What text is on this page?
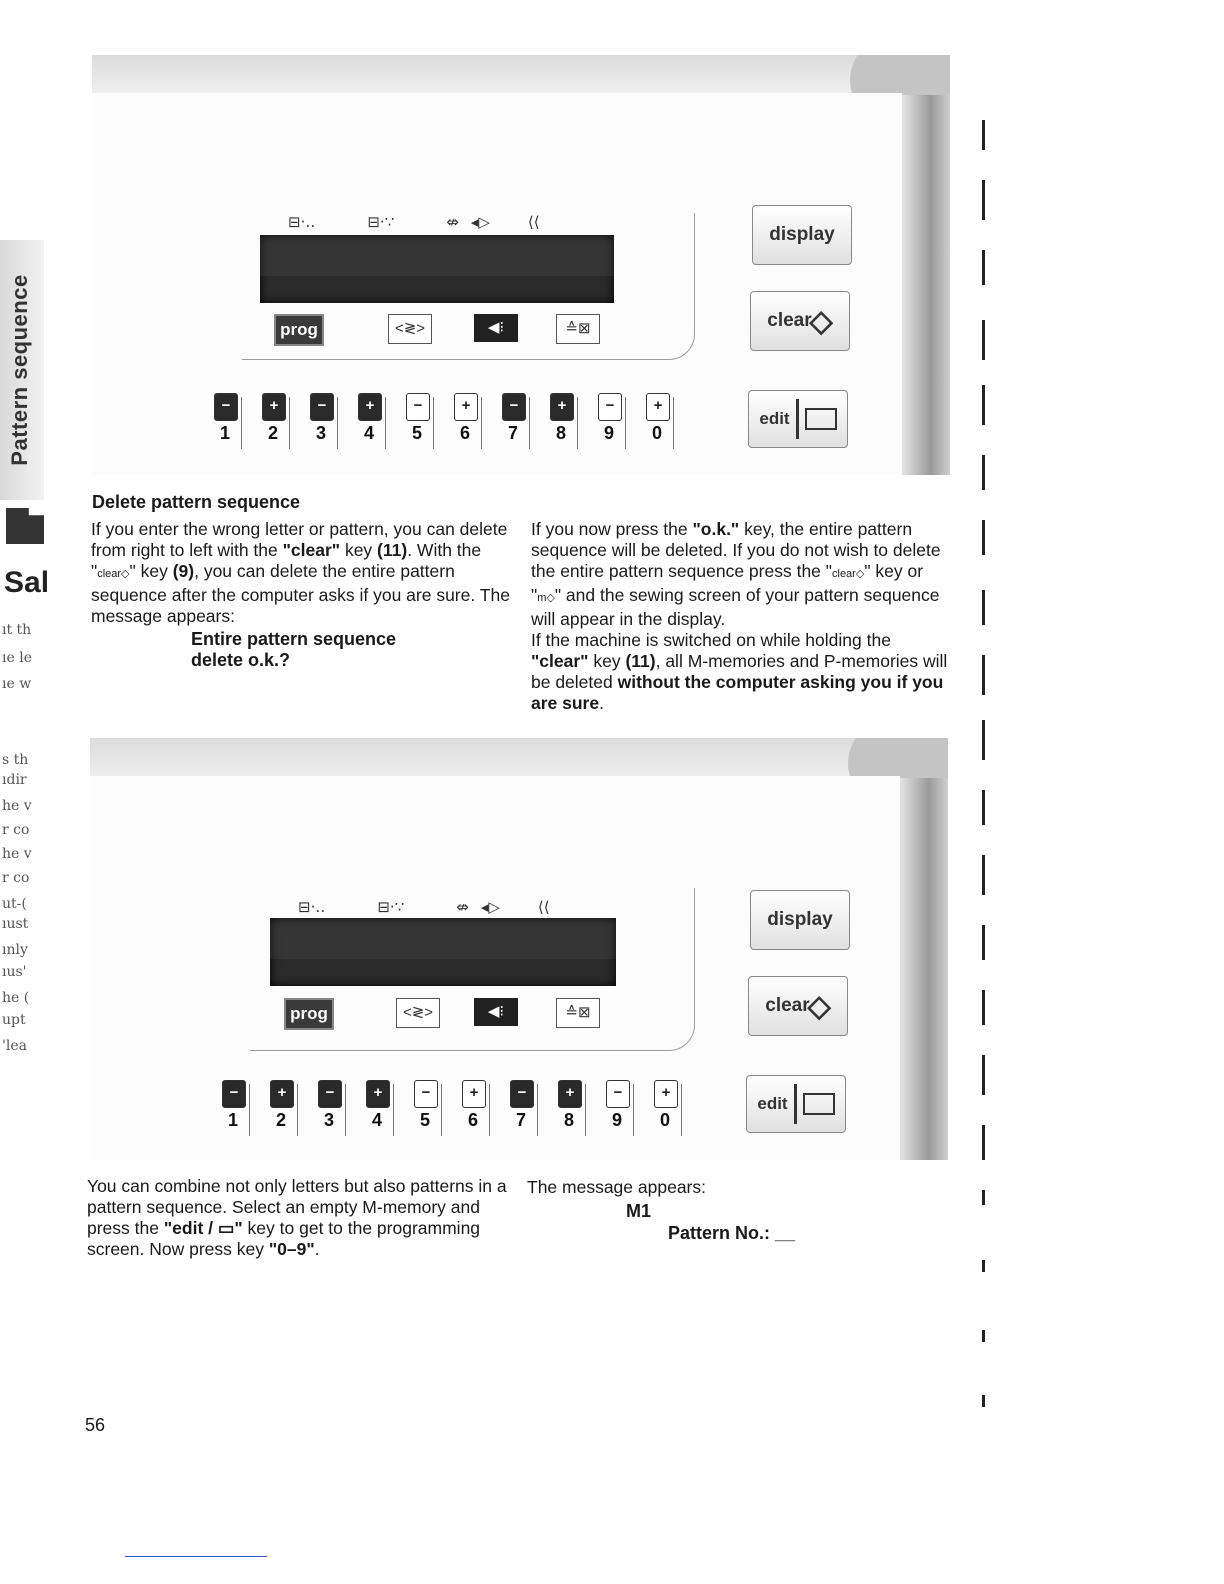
Pattern sequence
Sal
ıt th
ıe le
ıe w
s th
ıdir
he v
r co
he v
r co
ut-(
ıust
ınly
ıus'
he (
upt
'lea
⊟·‥	⊟·∵	⇎ ◂▷	⟨⟨
prog	<≷>	◀⁝	≙⊠
display
clear
◇
edit
−
1
+
2
−
3
+
4
−
5
+
6
−
7
+
8
−
9
+
0
Delete pattern sequence
If you enter the wrong letter or pattern, you can delete from right to left with the "clear" key (11). With the "clear◇" key (9), you can delete the entire pattern sequence after the computer asks if you are sure. The message appears:
Entire pattern sequence
delete o.k.?
If you now press the "o.k." key, the entire pattern sequence will be deleted. If you do not wish to delete the entire pattern sequence press the "clear◇" key or "m◇" and the sewing screen of your pattern sequence will appear in the display.
If the machine is switched on while holding the "clear" key (11), all M-memories and P-memories will be deleted without the computer asking you if you are sure.
⊟·‥	⊟·∵	⇎ ◂▷	⟨⟨
prog	<≷>	◀⁝	≙⊠
display
clear
◇
edit
−
1
+
2
−
3
+
4
−
5
+
6
−
7
+
8
−
9
+
0
You can combine not only letters but also patterns in a pattern sequence. Select an empty M-memory and press the "edit / ▭" key to get to the programming screen. Now press key "0–9".
The message appears:
M1
Pattern No.: __
56
